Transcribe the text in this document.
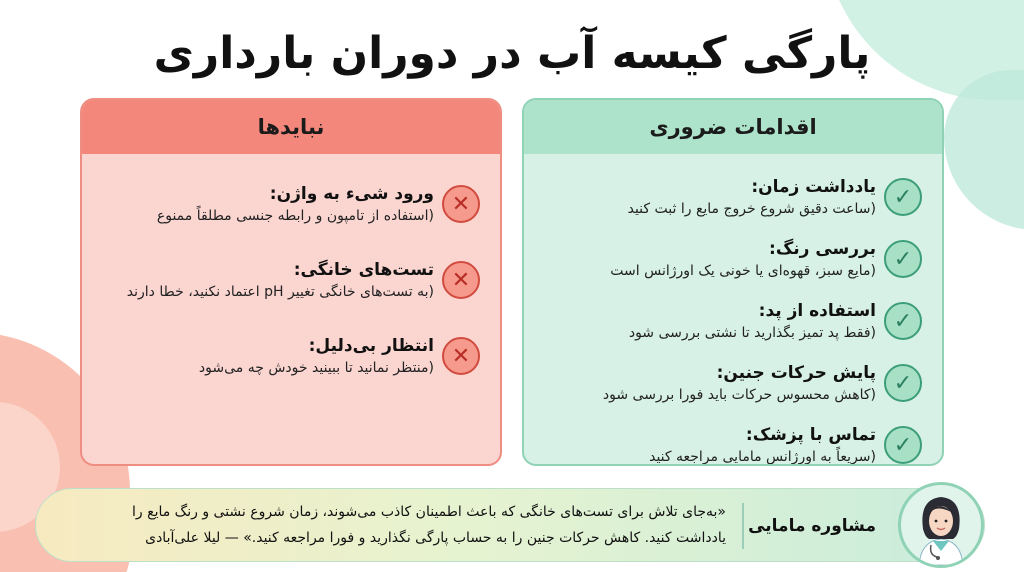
پارگی کیسه آب در دوران بارداری
اقدامات ضروری
✓
یادداشت زمان:
(ساعت دقیق شروع خروج مایع را ثبت کنید
✓
بررسی رنگ:
(مایع سبز، قهوه‌ای یا خونی یک اورژانس است
✓
استفاده از پد:
(فقط پد تمیز بگذارید تا نشتی بررسی شود
✓
پایش حرکات جنین:
(کاهش محسوس حرکات باید فورا بررسی شود
✓
تماس با پزشک:
(سریعاً به اورژانس مامایی مراجعه کنید
نبایدها
✕
ورود شیء به واژن:
(استفاده از تامپون و رابطه جنسی مطلقاً ممنوع
✕
تست‌های خانگی:
(به تست‌های خانگی تغییر pH اعتماد نکنید، خطا دارند
✕
انتظار بی‌دلیل:
(منتظر نمانید تا ببینید خودش چه می‌شود
مشاوره مامایی
«به‌جای تلاش برای تست‌های خانگی که باعث اطمینان کاذب می‌شوند، زمان شروع نشتی و رنگ مایع را
یادداشت کنید. کاهش حرکات جنین را به حساب پارگی نگذارید و فورا مراجعه کنید.» — لیلا علی‌آبادی
